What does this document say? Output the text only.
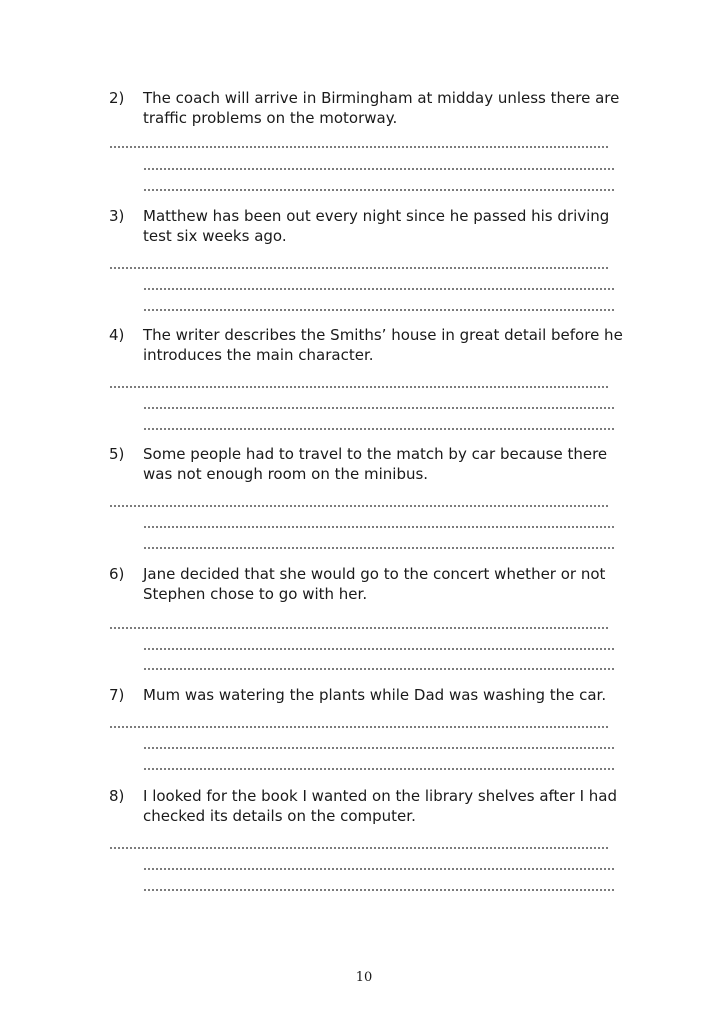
2)	The coach will arrive in Birmingham at midday unless there are traffic problems on the motorway.
3)	Matthew has been out every night since he passed his driving test six weeks ago.
4)	The writer describes the Smiths’ house in great detail before he introduces the main character.
5)	Some people had to travel to the match by car because there was not enough room on the minibus.
6)	Jane decided that she would go to the concert whether or not Stephen chose to go with her.
7)	Mum was watering the plants while Dad was washing the car.
8)	I looked for the book I wanted on the library shelves after I had checked its details on the computer.
10
